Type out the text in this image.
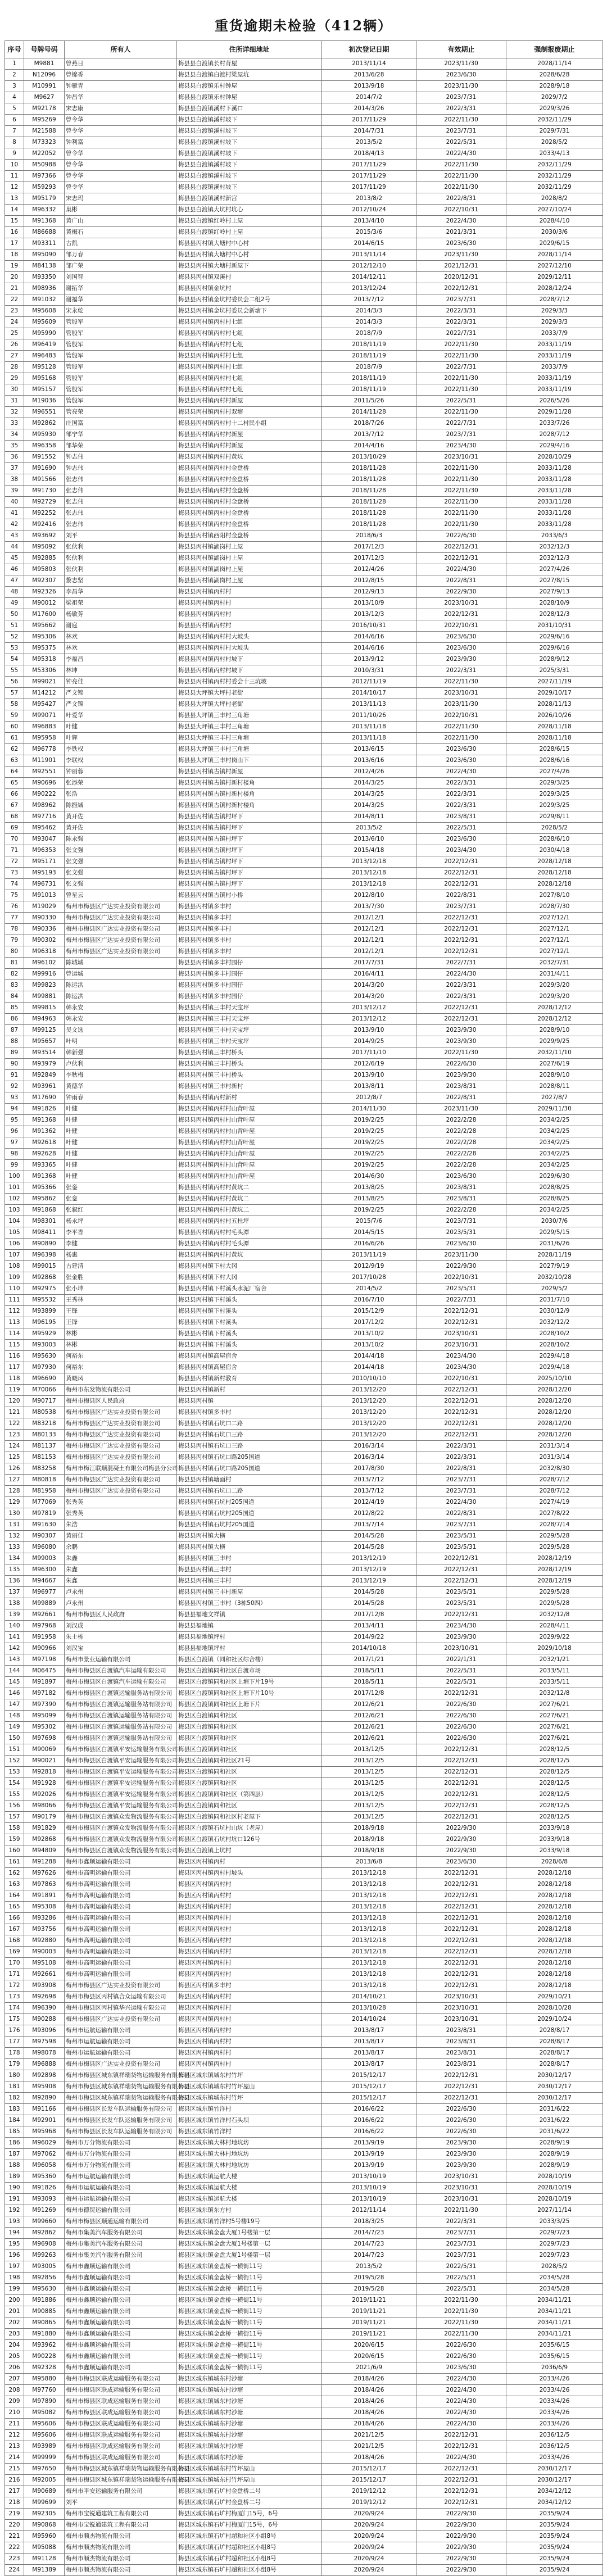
重货逾期未检验（412辆）
序号	号牌号码	所有人	住所详细地址	初次登记日期	有效期止	强制报废期止
1	M9881	曾燕日	梅县县白渡镇长村背屋	2013/11/14	2023/11/30	2028/11/14
2	N12096	曾锦香	梅县县白渡镇白渡村梁屋坑	2013/6/28	2023/6/30	2028/6/28
3	M10991	钟雁青	梅县县白渡镇乐村钟屋	2013/9/18	2023/11/30	2028/9/18
4	M9627	钟昌华	梅县县白渡镇乐村钟屋	2014/7/2	2023/7/31	2029/7/2
5	M92178	宋志康	梅县县白渡镇溪村下溪口	2014/3/26	2022/3/31	2029/3/26
6	M95269	曾令华	梅县县白渡镇溪村坡下	2017/11/29	2022/11/30	2032/11/29
7	M21588	曾令华	梅县县白渡镇溪村坡下	2014/7/31	2023/7/31	2029/7/31
8	M73323	钟利富	梅县县白渡镇溪村坡下	2013/5/2	2022/5/31	2028/5/2
9	M22052	曾令华	梅县县白渡镇溪村坡下	2018/4/13	2022/4/30	2033/4/13
10	M50988	曾令华	梅县县白渡镇溪村坡下	2017/11/29	2022/11/30	2032/11/29
11	M97366	曾令华	梅县县白渡镇溪村坡下	2017/11/29	2022/11/30	2032/11/29
12	M59293	曾令华	梅县县白渡镇溪村坡下	2017/11/29	2022/11/30	2032/11/29
13	M95179	宋志玛	梅县县白渡镇溪村新宫	2013/8/2	2022/8/31	2028/8/2
14	M96332	巢彬	梅县县白渡镇大坑村坑心	2012/10/24	2022/10/31	2027/10/24
15	M91368	黄广山	梅县县白渡镇红岭村上屋	2013/4/10	2022/4/30	2028/4/10
16	M86688	黄梅石	梅县县白渡镇红岭村上屋	2015/3/6	2021/3/31	2030/3/6
17	M93311	古凯	梅县县丙村镇大塘村中心村	2014/6/15	2023/6/30	2029/6/15
18	M95090	邹万春	梅县县丙村镇大塘村中心村	2013/11/14	2023/11/30	2028/11/14
19	M84138	邹广荣	梅县县丙村镇大塘村新屋下	2012/12/10	2021/12/31	2027/12/10
20	M93350	刘国智	梅县县丙村镇双溪村	2014/12/11	2020/12/31	2029/12/11
21	M98936	谢拓华	梅县县丙村镇金坑村	2013/12/24	2022/12/31	2028/12/24
22	M91032	谢福华	梅县县丙村镇金坑村委员会二组2号	2013/7/12	2023/7/31	2028/7/12
23	M95608	宋永乾	梅县县丙村镇金坑村委员会新塘下	2014/3/3	2022/3/31	2029/3/3
24	M95609	管殷军	梅县县丙村镇丙村村七组	2014/3/3	2022/3/31	2029/3/3
25	M95990	管殷军	梅县县丙村镇丙村村七组	2018/7/9	2022/7/31	2033/7/9
26	M96419	管殷军	梅县县丙村镇丙村村七组	2018/11/19	2022/11/30	2033/11/19
27	M96483	管殷军	梅县县丙村镇丙村村七组	2018/11/19	2022/11/30	2033/11/19
28	M95128	管殷军	梅县县丙村镇丙村村七组	2018/7/9	2022/7/31	2033/7/9
29	M95168	管殷军	梅县县丙村镇丙村村七组	2018/11/19	2022/11/30	2033/11/19
30	M95157	管殷军	梅县县丙村镇丙村村七组	2018/11/19	2022/11/30	2033/11/19
31	M19036	管殷军	梅县县丙村镇丙村村新屋	2011/5/26	2022/5/31	2026/5/26
32	M96551	管亮荣	梅县县丙村镇丙村村双塘	2014/11/28	2022/11/30	2029/11/28
33	M92862	庄国富	梅县县丙村镇丙村村十二村民小组	2018/7/26	2022/7/31	2033/7/26
34	M95930	邹宁华	梅县县丙村镇丙村村新屋	2013/7/12	2023/7/31	2028/7/12
35	M96358	邹华荣	梅县县丙村镇丙村村新屋	2014/4/16	2023/4/30	2029/4/16
36	M91552	钟志伟	梅县县丙村镇丙村村黄坑	2013/10/29	2023/10/31	2028/10/29
37	M91690	钟志伟	梅县县丙村镇丙村村金盘桥	2018/11/28	2022/11/30	2033/11/28
38	M91566	张志伟	梅县县丙村镇丙村村金盘桥	2018/11/28	2022/11/30	2033/11/28
39	M91730	张志伟	梅县县丙村镇丙村村金盘桥	2018/11/28	2022/11/30	2033/11/28
40	M92729	张志伟	梅县县丙村镇丙村村金盘桥	2018/11/28	2022/11/30	2033/11/28
41	M92252	张志伟	梅县县丙村镇丙村村金盘桥	2018/11/28	2022/11/30	2033/11/28
42	M92416	张志伟	梅县县丙村镇丙村村金盘桥	2018/11/28	2022/11/30	2033/11/28
43	M93692	刘平	梅县县丙村镇西阳村金盘桥	2018/6/3	2022/6/30	2033/6/3
44	M95092	张伙利	梅县县丙村镇湖岗村上屋	2017/12/3	2022/12/31	2032/12/3
45	M92885	张伙利	梅县县丙村镇湖岗村上屋	2017/12/3	2022/12/31	2032/12/3
46	M95803	张伙利	梅县县丙村镇湖岗村上屋	2012/4/26	2022/4/30	2027/4/26
47	M92307	黎志坚	梅县县丙村镇湖岗村上屋	2012/8/15	2022/8/31	2027/8/15
48	M92326	李昌华	梅县县丙村镇丙村村	2012/9/13	2022/9/30	2027/9/13
49	M90012	梁祖荣	梅县县丙村镇丙村村	2013/10/9	2023/10/31	2028/10/9
50	M17600	杨敏芳	梅县县丙村镇丙村村	2013/12/3	2022/12/31	2028/12/3
51	M95662	谢庭	梅县县丙村镇丙村村	2016/10/31	2022/10/31	2031/10/31
52	M95306	林欢	梅县县丙村镇丙村村大坡头	2014/6/16	2023/6/30	2029/6/16
53	M95375	林欢	梅县县丙村镇丙村村大坡头	2014/6/16	2023/6/30	2029/6/16
54	M95318	李福昌	梅县县丙村镇丙村村坡下	2013/9/12	2023/9/30	2028/9/12
55	M53306	林坤	梅县县丙村镇丙村村坡下	2010/3/31	2022/3/31	2025/3/31
56	M99021	钟亮佳	梅县县丙村镇丙村村委会十三坑坡	2012/11/19	2022/11/30	2027/11/19
57	M14212	严文锦	梅县县大坪镇大坪村老街	2014/10/17	2023/10/31	2029/10/17
58	M95427	严文锦	梅县县大坪镇大坪村老街	2013/11/13	2023/11/30	2028/11/13
59	M99071	叶爱华	梅县县大坪镇三丰村三角塘	2011/10/26	2022/10/31	2026/10/26
60	M96883	叶健	梅县县大坪镇三丰村三角塘	2013/11/18	2022/11/30	2028/11/18
61	M95958	叶辉	梅县县大坪镇三丰村三角塘	2013/11/18	2022/11/30	2028/11/18
62	M96778	李铁权	梅县县大坪镇三丰村三角塘	2013/6/15	2023/6/30	2028/6/15
63	M11901	李联权	梅县县大坪镇三丰村岗山下	2013/6/16	2023/6/30	2028/6/16
64	M92551	钟丽蓉	梅县县丙村镇古镇村新屋	2012/4/26	2022/4/30	2027/4/26
65	M90696	张添荣	梅县县丙村镇古镇村新村楼角	2014/3/25	2022/3/31	2029/3/25
66	M90222	张浩	梅县县丙村镇古镇村新村楼角	2014/3/25	2022/3/31	2029/3/25
67	M98962	陈振城	梅县县丙村镇古镇村新村楼角	2014/3/25	2022/3/31	2029/3/25
68	M97716	黄开佐	梅县县丙村镇古镇村坪下	2014/8/11	2023/8/31	2029/8/11
69	M95462	黄开佐	梅县县丙村镇古镇村坪下	2013/5/2	2022/5/31	2028/5/2
70	M93047	陈永强	梅县县丙村镇古镇村坪下	2013/6/10	2023/6/30	2028/6/10
71	M96353	张文强	梅县县丙村镇古镇村坪下	2015/4/18	2023/4/30	2030/4/18
72	M95171	张文强	梅县县丙村镇古镇村坪下	2013/12/18	2022/12/31	2028/12/18
73	M95193	张文强	梅县县丙村镇古镇村坪下	2013/12/18	2022/12/31	2028/12/18
74	M96731	张文强	梅县县丙村镇古镇村坪下	2013/12/18	2022/12/31	2028/12/18
75	M91013	曾星云	梅县县丙村镇古镇村小桥	2012/8/10	2022/8/31	2027/8/10
76	M19029	梅州市梅县区广达实业投资有限公司	梅县县丙村镇多丰村	2013/7/30	2023/7/31	2028/7/30
77	M90330	梅州市梅县区广达实业投资有限公司	梅县县丙村镇多丰村	2012/12/1	2022/12/31	2027/12/1
78	M90336	梅州市梅县区广达实业投资有限公司	梅县县丙村镇多丰村	2012/12/1	2022/12/31	2027/12/1
79	M90302	梅州市梅县区广达实业投资有限公司	梅县县丙村镇多丰村	2012/12/1	2022/12/31	2027/12/1
80	M96318	梅州市梅县区广达实业投资有限公司	梅县县丙村镇多丰村	2012/12/1	2022/12/31	2027/12/1
81	M96102	陈城城	梅县县丙村镇多丰村围仔	2017/7/31	2022/7/31	2032/7/31
82	M99916	曾运城	梅县县丙村镇多丰村围仔	2016/4/11	2022/4/30	2031/4/11
83	M99823	陈运洪	梅县县丙村镇多丰村围仔	2014/3/20	2022/3/31	2029/3/20
84	M99881	陈运洪	梅县县丙村镇多丰村围仔	2014/3/20	2022/3/31	2029/3/20
85	M99815	韩永安	梅县县丙村镇三丰村天宝坪	2013/12/12	2022/12/31	2028/12/12
86	M94963	韩永安	梅县县丙村镇三丰村天宝坪	2013/12/12	2022/12/31	2028/12/12
87	M99125	吴文选	梅县县丙村镇三丰村天宝坪	2013/9/10	2023/9/30	2028/9/10
88	M95657	叶明	梅县县丙村镇三丰村天宝坪	2014/9/25	2023/9/30	2029/9/25
89	M93514	韩新强	梅县县丙村镇三丰村桥头	2017/11/10	2022/11/30	2032/11/10
90	M93979	卢伙利	梅县县丙村镇三丰村桥头	2012/6/19	2022/6/30	2027/6/19
91	M92849	李秋梅	梅县县丙村镇三丰村桥头	2013/9/10	2023/9/30	2028/9/10
92	M93961	黄德华	梅县县丙村镇三丰村新村	2013/8/11	2023/8/31	2028/8/11
93	M17690	钟雨春	梅县县丙村镇丙村新村	2012/8/7	2022/8/31	2027/8/7
94	M91826	叶健	梅县县丙村镇丙村村山背叶屋	2014/11/30	2023/11/30	2029/11/30
95	M91368	叶健	梅县县丙村镇丙村村山背叶屋	2019/2/25	2022/2/28	2034/2/25
96	M91362	叶健	梅县县丙村镇丙村村山背叶屋	2019/2/25	2022/2/28	2034/2/25
97	M92618	叶健	梅县县丙村镇丙村村山背叶屋	2019/2/25	2022/2/28	2034/2/25
98	M92628	叶健	梅县县丙村镇丙村村山背叶屋	2019/2/25	2022/2/28	2034/2/25
99	M93365	叶健	梅县县丙村镇丙村村山背叶屋	2019/2/25	2022/2/28	2034/2/25
100	M91368	叶健	梅县县丙村镇丙村村山背叶屋	2014/6/30	2023/6/30	2029/6/30
101	M95366	张銮	梅县县丙村镇丙村村黄坑二	2013/8/25	2023/8/31	2028/8/25
102	M95862	张銮	梅县县丙村镇丙村村黄坑二	2013/8/25	2023/8/31	2028/8/25
103	M91868	张叙红	梅县县丙村镇丙村村黄坑二	2019/2/25	2022/2/28	2034/2/25
104	M98301	杨永坪	梅县县丙村镇丙村村五杜坪	2015/7/6	2023/7/31	2030/7/6
105	M98411	李平香	梅县县丙村镇丙村村毛头潭	2014/5/15	2023/5/31	2029/5/15
106	M90890	李健	梅县县丙村镇丙村村毛头潭	2016/6/26	2023/6/30	2031/6/26
107	M96398	杨惠	梅县县丙村镇丙村村黄坑	2013/11/19	2023/11/30	2028/11/19
108	M99015	古建清	梅县县丙村镇下村大冈	2012/9/19	2022/9/30	2027/9/19
109	M92868	张金胜	梅县县丙村镇下村大冈	2017/10/28	2022/10/31	2032/10/28
110	M92975	张小坤	梅县县丙村镇下村溪头水泥厂宿舍	2014/5/2	2023/5/31	2029/5/2
111	M95532	王秀林	梅县县丙村镇下村溪头	2016/7/10	2022/7/31	2031/7/10
112	M93899	王锋	梅县县丙村镇下村溪头	2015/12/9	2022/12/31	2030/12/9
113	M96195	王锋	梅县县丙村镇下村溪头	2017/12/2	2022/12/31	2032/12/2
114	M95929	林彬	梅县县丙村镇下村溪头	2013/10/2	2023/10/31	2028/10/2
115	M93003	林彬	梅县县丙村镇下村溪头	2013/10/2	2023/10/31	2028/10/2
116	M95630	何裕东	梅县县丙村镇高屋宿舍	2014/4/18	2023/4/30	2029/4/18
117	M97930	何裕东	梅县县丙村镇高屋宿舍	2014/4/18	2023/4/30	2029/4/18
118	M96690	黄晓凤	梅县县丙村镇新村教育	2010/10/10	2022/10/31	2025/10/10
119	M70066	梅州市东发物流有限公司	梅县县丙村镇新村	2013/12/20	2022/12/31	2028/12/20
120	M90717	梅州市梅县区人民政府	梅县县丙村镇	2013/12/20	2022/12/31	2028/12/20
121	M80538	梅州市梅县区广达实业投资有限公司	梅县县丙村镇多丰村	2013/12/20	2022/12/31	2028/12/20
122	M83218	梅州市梅县区广达实业投资有限公司	梅县县丙村镇石坑口二路	2013/12/20	2022/12/31	2028/12/20
123	M80133	梅州市梅县区广达实业投资有限公司	梅县县丙村镇石坑口三路	2013/12/20	2022/12/31	2028/12/20
124	M81137	梅州市梅县区广达实业投资有限公司	梅县县丙村镇石坑口三路	2016/3/14	2022/3/31	2031/3/14
125	M81153	梅州市梅县区广达实业投资有限公司	梅县县丙村镇石坑口路205国道	2016/3/14	2022/3/31	2031/3/14
126	M83258	梅州市梅江联顺混凝土有限公司梅县分公司	梅县县丙村镇石坑口路205国道	2017/8/30	2022/8/31	2032/8/30
127	M80818	梅州市梅县区广达实业投资有限公司	梅县县丙村镇塘面村	2013/7/12	2023/7/31	2028/7/12
128	M81958	梅州市梅县区广达实业投资有限公司	梅县县丙村镇石坑口二路	2013/7/12	2023/7/31	2028/7/12
129	M77069	张秀英	梅县县丙村镇石坑村205国道	2012/4/19	2022/4/30	2027/4/19
130	M97819	张秀英	梅县县丙村镇石坑村205国道	2012/8/22	2022/8/31	2027/8/22
131	M91630	朱浩	梅县县丙村镇石坑村205国道	2013/7/14	2023/7/31	2028/7/14
132	M90307	黄丽佳	梅县县丙村镇大横	2014/5/28	2023/5/31	2029/5/28
133	M96080	余鹏	梅县县丙村镇大横	2014/5/28	2023/5/31	2029/5/28
134	M99003	朱鑫	梅县县丙村镇三丰村	2013/12/19	2022/12/31	2028/12/19
135	M96300	朱鑫	梅县县丙村镇三丰村	2013/12/19	2022/12/31	2028/12/19
136	M94667	朱鑫	梅县县丙村镇三丰村	2013/12/19	2022/12/31	2028/12/19
137	M96977	卢永州	梅县县丙村镇三丰村新屋	2014/5/28	2023/5/31	2029/5/28
138	M99889	卢永州	梅县县丙村镇三丰村（3栋50四）	2014/5/28	2023/5/31	2029/5/28
139	M92661	梅州市梅县区人民政府	梅县县福地文祥镇	2017/12/8	2022/12/31	2032/12/8
140	M97968	刘汉成	梅县县福地镇	2013/4/11	2023/4/30	2028/4/11
141	M91958	朱士栋	梅县县福地镇坪村	2014/9/22	2023/9/30	2029/9/22
142	M90966	刘汉宝	梅县县福地镇坪村	2014/10/18	2023/10/31	2029/10/18
143	M97198	梅州市景业运输有限公司	梅县区白渡镇（同和社区综合楼）	2017/1/21	2022/1/31	2032/1/21
144	M06475	梅州市梅县区白渡镇汽车运输有限公司	梅县区白渡镇同和社区白渡市场	2018/5/11	2022/5/31	2033/5/11
145	M91897	梅州市梅县区白渡镇汽车运输有限公司	梅县区白渡镇同和社区上塘下片19号	2018/5/11	2022/5/31	2033/5/11
146	M97182	梅州市梅县区白渡镇运输服务站有限公司	梅县区白渡镇同和社区上塘下片10号	2017/12/8	2022/12/31	2032/12/8
147	M97390	梅州市梅县区白渡镇运输服务站有限公司	梅县区白渡镇同和社区上塘下片	2012/6/21	2022/6/30	2027/6/21
148	M95099	梅州市梅县区白渡镇运输服务站有限公司	梅县区白渡镇同和社区	2012/6/21	2022/6/30	2027/6/21
149	M95302	梅州市梅县区白渡镇运输服务站有限公司	梅县区白渡镇同和社区	2012/6/21	2022/6/30	2027/6/21
150	M97698	梅州市梅县区白渡镇运输服务站有限公司	梅县区白渡镇同和社区	2012/6/21	2022/6/30	2027/6/21
151	M90069	梅州市梅县区白渡镇平安运输服务有限公司	梅县区白渡镇同和社区	2013/12/5	2022/12/31	2028/12/5
152	M90021	梅州市梅县区白渡镇平安运输服务有限公司	梅县区白渡镇同和社区21号	2013/12/5	2022/12/31	2028/12/5
153	M92818	梅州市梅县区白渡镇平安运输服务有限公司	梅县区白渡镇同和社区	2013/12/5	2022/12/31	2028/12/5
154	M91928	梅州市梅县区白渡镇平安运输服务有限公司	梅县区白渡镇同和社区	2013/12/5	2022/12/31	2028/12/5
155	M92026	梅州市梅县区白渡镇平安运输服务有限公司	梅县区白渡镇同和社区（第四层）	2013/12/5	2022/12/31	2028/12/5
156	M98066	梅州市梅县区白渡镇平安运输服务有限公司	梅县区白渡镇同和社区	2013/12/5	2022/12/31	2028/12/5
157	M90179	梅州市梅县区白渡镇众发物流服务有限公司	梅县区白渡镇同和社区村老屋下	2013/12/5	2022/12/31	2028/12/5
158	M91829	梅州市梅县区白渡镇众发物流服务有限公司	梅县区白渡镇石坑村山坑（老屋）	2018/9/18	2022/9/30	2033/9/18
159	M92868	梅州市梅县区白渡镇众发物流服务有限公司	梅县区白渡镇石坑村坑口126号	2018/9/18	2022/9/30	2033/9/18
160	M94809	梅州市梅县区白渡镇众发物流服务有限公司	梅县区白渡镇上坑村	2018/9/18	2022/9/30	2033/9/18
161	M91288	梅州市鑫顺运输有限公司	梅县区丙村镇丙村	2013/6/8	2023/6/30	2028/6/8
162	M97626	梅州市高明运输有限公司	梅县区丙村镇丙村村坡头	2013/12/18	2022/12/31	2028/12/18
163	M97863	梅州市高明运输有限公司	梅县区丙村镇丙村村	2013/12/18	2022/12/31	2028/12/18
164	M91891	梅州市高明运输有限公司	梅县区丙村镇丙村村	2013/12/18	2022/12/31	2028/12/18
165	M95308	梅州市高明运输有限公司	梅县区丙村镇丙村村	2013/12/18	2022/12/31	2028/12/18
166	M93286	梅州市高明运输有限公司	梅县区丙村镇丙村村	2013/12/18	2022/12/31	2028/12/18
167	M93756	梅州市高明运输有限公司	梅县区丙村镇丙村村	2013/12/18	2022/12/31	2028/12/18
168	M92880	梅州市高明运输有限公司	梅县区丙村镇丙村村	2013/12/18	2022/12/31	2028/12/18
169	M90003	梅州市高明运输有限公司	梅县区丙村镇丙村村	2013/12/18	2022/12/31	2028/12/18
170	M95108	梅州市高明运输有限公司	梅县区丙村镇丙村村	2013/12/18	2022/12/31	2028/12/18
171	M92661	梅州市高明运输有限公司	梅县区丙村镇丙村村	2013/12/18	2022/12/31	2028/12/18
172	M93908	梅州市梅县区广达实业投资有限公司	梅县区丙村镇多丰村	2013/12/18	2022/12/31	2028/12/18
173	M92698	梅州市梅县区丙村镇合众运输有限公司	梅县区丙村镇丙村村	2014/10/21	2023/10/31	2029/10/21
174	M96390	梅州市梅县区丙村镇华兴运输有限公司	梅县区丙村镇丙村村	2013/10/28	2023/10/31	2028/10/28
175	M90288	梅州市梅县区广达实业投资有限公司	梅县区丙村镇丙村村	2014/10/24	2023/10/31	2029/10/24
176	M93096	梅州市运航运输有限公司	梅县区丙村镇丙村村	2013/8/17	2023/8/31	2028/8/17
177	M97598	梅州市运航运输有限公司	梅县区丙村镇丙村村	2013/8/17	2023/8/31	2028/8/17
178	M98078	梅州市运航运输有限公司	梅县区丙村镇丙村村	2013/8/17	2023/8/31	2028/8/17
179	M96888	梅州市梅县区广达实业投资有限公司	梅县区丙村镇丙村村	2013/8/17	2023/8/31	2028/8/17
180	M92898	梅州市梅县区城东镇祥瑞货物运输服务有限公司	梅县区城东镇城东村竹坪	2015/12/17	2022/12/31	2030/12/17
181	M95908	梅州市梅县区城东镇祥瑞货物运输服务有限公司	梅县区城东镇城东村竹坪屋山	2015/12/17	2022/12/31	2030/12/17
182	M92890	梅州市梅县区城东镇祥瑞货物运输服务有限公司	梅县区城东镇城东村竹坪	2015/12/17	2022/12/31	2030/12/17
183	M91166	梅州市梅县区长发车队运输服务有限公司	梅县区城东镇竹洋村	2016/6/22	2022/6/30	2031/6/22
184	M92901	梅州市梅县区长发车队运输服务有限公司	梅县区城东镇竹洋村石头坝	2016/6/22	2022/6/30	2031/6/22
185	M95968	梅州市梅县区长发车队运输服务有限公司	梅县区城东镇竹洋村	2016/6/22	2022/6/30	2031/6/22
186	M96029	梅州市万分物流有限公司	梅县区城东镇大林村地坑坊	2013/9/19	2023/9/30	2028/9/19
187	M97062	梅州市万分物流有限公司	梅县区城东镇大林村地坑坊	2013/9/19	2023/9/30	2028/9/19
188	M96058	梅州市万分物流有限公司	梅县区城东镇大林村地坑坊	2013/9/19	2023/9/30	2028/9/19
189	M95360	梅州市运航运输有限公司	梅县区城东镇运航大楼	2013/10/19	2023/10/31	2028/10/19
190	M91826	梅州市运航运输有限公司	梅县区城东镇运航大楼	2013/10/19	2023/10/31	2028/10/19
191	M93093	梅州市运航运输有限公司	梅县区城东镇运航大楼	2013/10/19	2023/10/31	2028/10/19
192	M91269	梅州市德贸运输有限公司	梅县区城东镇东方村	2012/11/14	2022/11/30	2027/11/14
193	M99660	梅州市梅县区顺通运输有限公司	梅县区城东镇竹洋村5号楼19号	2018/3/25	2022/3/31	2033/3/25
194	M92862	梅州市集美汽车服务有限公司	梅县区城东镇金盘大厦1号楼第一层	2014/7/23	2023/7/31	2029/7/23
195	M96908	梅州市集美汽车服务有限公司	梅县区城东镇金盘大厦1号楼第一层	2014/7/23	2023/7/31	2029/7/23
196	M99263	梅州市集美汽车服务有限公司	梅县区城东镇金盘大厦1号楼第一层	2014/7/23	2023/7/31	2029/7/23
197	M93005	梅州市鑫顺运输有限公司	梅县区城东镇金盘桥一横街11号	2013/5/2	2022/5/31	2028/5/2
198	M92856	梅州市鑫顺运输有限公司	梅县区城东镇金盘桥一横街11号	2019/5/28	2022/5/31	2034/5/28
199	M95630	梅州市鑫顺运输有限公司	梅县区城东镇金盘桥一横街11号	2019/5/28	2022/5/31	2034/5/28
200	M91886	梅州市鑫顺运输有限公司	梅县区城东镇金盘桥一横街11号	2019/11/21	2022/11/30	2034/11/21
201	M90885	梅州市鑫顺运输有限公司	梅县区城东镇金盘桥一横街11号	2019/11/21	2022/11/30	2034/11/21
202	M90865	梅州市鑫顺运输有限公司	梅县区城东镇金盘桥一横街11号	2019/11/21	2022/11/30	2034/11/21
203	M91880	梅州市鑫顺运输有限公司	梅县区城东镇金盘桥一横街11号	2019/11/21	2022/11/30	2034/11/21
204	M93962	梅州市鑫顺运输有限公司	梅县区城东镇金盘桥一横街11号	2020/6/15	2022/6/30	2035/6/15
205	M90228	梅州市鑫顺运输有限公司	梅县区城东镇金盘桥一横街11号	2020/6/15	2022/6/30	2035/6/15
206	M92328	梅州市鑫顺运输有限公司	梅县区城东镇金盘桥一横街11号	2021/6/9	2023/6/30	2036/6/9
207	M95880	梅州市梅县区联成运输服务有限公司	梅县区城东镇城东村沙塘	2018/4/26	2022/4/30	2033/4/26
208	M97760	梅州市梅县区联成运输服务有限公司	梅县区城东镇城东村沙塘	2018/4/26	2022/4/30	2033/4/26
209	M97890	梅州市梅县区联成运输服务有限公司	梅县区城东镇城东村沙塘	2018/4/26	2022/4/30	2033/4/26
210	M95082	梅州市梅县区联成运输服务有限公司	梅县区城东镇城东村沙塘	2018/4/26	2022/4/30	2033/4/26
211	M95606	梅州市梅县区联成运输服务有限公司	梅县区城东镇城东村沙塘	2018/4/26	2022/4/30	2033/4/26
212	M95606	梅州市梅县区联成运输服务有限公司	梅县区城东镇城东村沙塘	2021/12/5	2022/12/31	2036/12/5
213	M93989	梅州市梅县区联成运输服务有限公司	梅县区城东镇城东村沙塘	2021/12/5	2022/12/31	2036/12/5
214	M99999	梅州市梅县区联成运输服务有限公司	梅县区城东镇城东村沙塘	2018/4/26	2022/4/30	2033/4/26
215	M97650	梅州市梅县区城东镇祥瑞货物运输服务有限公司	梅县区城东镇城东村竹坪屋山	2015/12/17	2022/12/31	2030/12/17
216	M92005	梅州市梅县区城东镇祥瑞货物运输服务有限公司	梅县区城东镇城东村竹坪屋山	2015/12/17	2022/12/31	2030/12/17
217	M90689	梅州市平安运输服务有限公司	梅县区城东镇石圹村金盘桥二号	2019/12/12	2022/12/31	2034/12/12
218	M99699	刘平	梅县区城东镇石圹村金盘桥二号	2019/12/12	2022/12/31	2034/12/12
219	M92305	梅州市宝锐通建筑工程有限公司	梅县区城东镇石圹村梅厦门15号，6号	2020/9/24	2022/9/30	2035/9/24
220	M90868	梅州市宝锐通建筑工程有限公司	梅县区城东镇石圹村梅厦门15号，6号	2020/9/24	2022/9/30	2035/9/24
221	M95960	梅州市顺杰物流有限公司	梅县区城东镇石圹村超和社区小组8号	2020/9/24	2022/9/30	2035/9/24
222	M95088	梅州市顺杰物流有限公司	梅县区城东镇石圹村超和社区小组8号	2020/9/24	2022/9/30	2035/9/24
223	M91128	梅州市顺杰物流有限公司	梅县区城东镇石圹村超和社区小组8号	2020/9/24	2022/9/30	2035/9/24
224	M91389	梅州市顺杰物流有限公司	梅县区城东镇石圹村超和社区小组8号	2020/9/24	2022/9/30	2035/9/24
